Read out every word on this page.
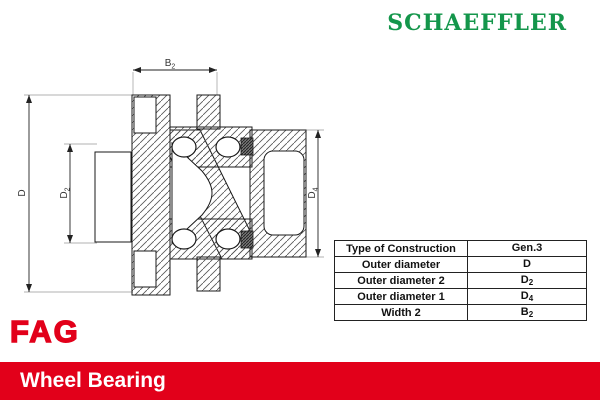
SCHAEFFLER
$B_2$
D	$D_2$
$D_4$
Type of Construction	Gen.3
Outer diameter	D
Outer diameter 2	$D_2$
Outer diameter 1	$D_4$
Width 2	$B_2$
FAG
Wheel Bearing
